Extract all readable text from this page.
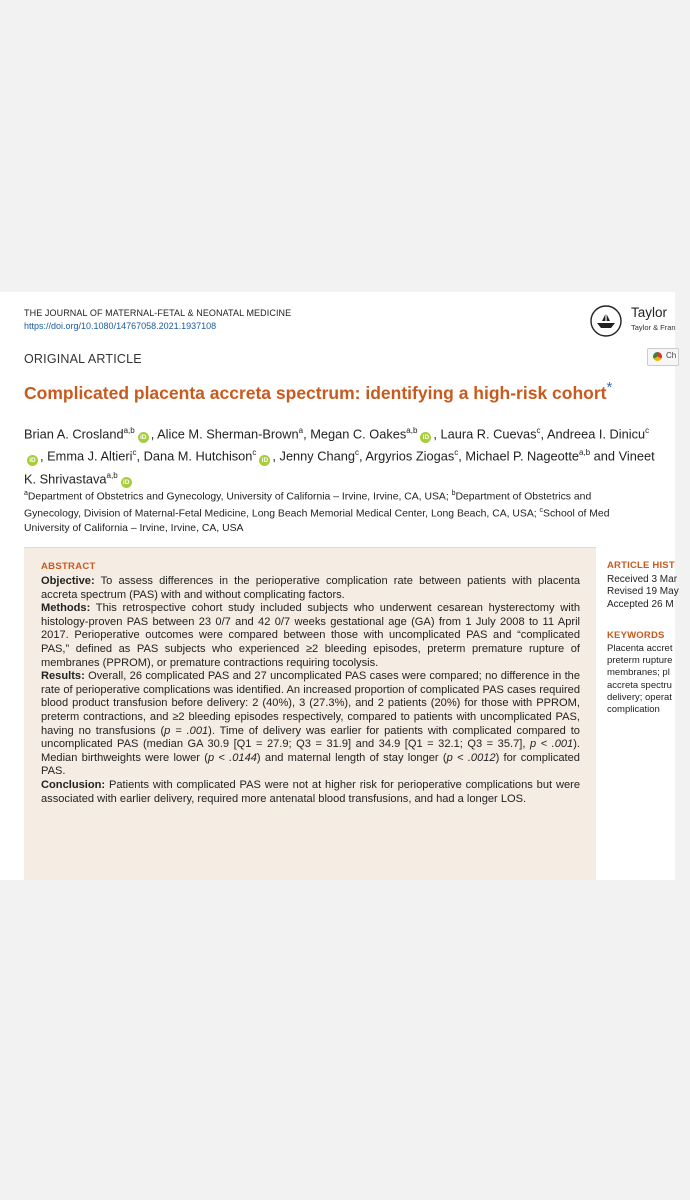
THE JOURNAL OF MATERNAL-FETAL & NEONATAL MEDICINE
https://doi.org/10.1080/14767058.2021.1937108
Taylor
Taylor & Fran
ORIGINAL ARTICLE	Ch
Complicated placenta accreta spectrum: identifying a high-risk cohort*
Brian A. Crosland$^{a,b}$iD , Alice M. Sherman-Brown$^a$, Megan C. Oakes$^{a,b}$iD , Laura R. Cuevas$^c$, Andreea I. Dinicu$^c$iD , Emma J. Altieri$^c$, Dana M. Hutchison$^c$iD , Jenny Chang$^c$, Argyrios Ziogas$^c$, Michael P. Nageotte$^{a,b}$ and Vineet K. Shrivastava$^{a,b}$iD
$^a$Department of Obstetrics and Gynecology, University of California – Irvine, Irvine, CA, USA; $^b$Department of Obstetrics and
Gynecology, Division of Maternal-Fetal Medicine, Long Beach Memorial Medical Center, Long Beach, CA, USA; $^c$School of Med
University of California – Irvine, Irvine, CA, USA
ABSTRACT

Objective: To assess differences in the perioperative complication rate between patients with placenta accreta spectrum (PAS) with and without complicating factors.

Methods: This retrospective cohort study included subjects who underwent cesarean hysterectomy with histology-proven PAS between 23 0/7 and 42 0/7 weeks gestational age (GA) from 1 July 2008 to 11 April 2017. Perioperative outcomes were compared between those with uncomplicated PAS and “complicated PAS,” defined as PAS subjects who experienced ≥2 bleeding episodes, preterm premature rupture of membranes (PPROM), or premature contractions requiring tocolysis.

Results: Overall, 26 complicated PAS and 27 uncomplicated PAS cases were compared; no difference in the rate of perioperative complications was identified. An increased proportion of complicated PAS cases required blood product transfusion before delivery: 2 (40%), 3 (27.3%), and 2 patients (20%) for those with PPROM, preterm contractions, and ≥2 bleeding episodes respectively, compared to patients with uncomplicated PAS, having no transfusions (p = .001). Time of delivery was earlier for patients with complicated compared to uncomplicated PAS (median GA 30.9 [Q1 = 27.9; Q3 = 31.9] and 34.9 [Q1 = 32.1; Q3 = 35.7], p < .001). Median birthweights were lower (p < .0144) and maternal length of stay longer (p < .0012) for complicated PAS.

Conclusion: Patients with complicated PAS were not at higher risk for perioperative complications but were associated with earlier delivery, required more antenatal blood transfusions, and had a longer LOS.

ARTICLE HIST
Received 3 Mar
Revised 19 May
Accepted 26 M
KEYWORDS
Placenta accret
preterm rupture
membranes; pl
accreta spectru
delivery; operat
complication
